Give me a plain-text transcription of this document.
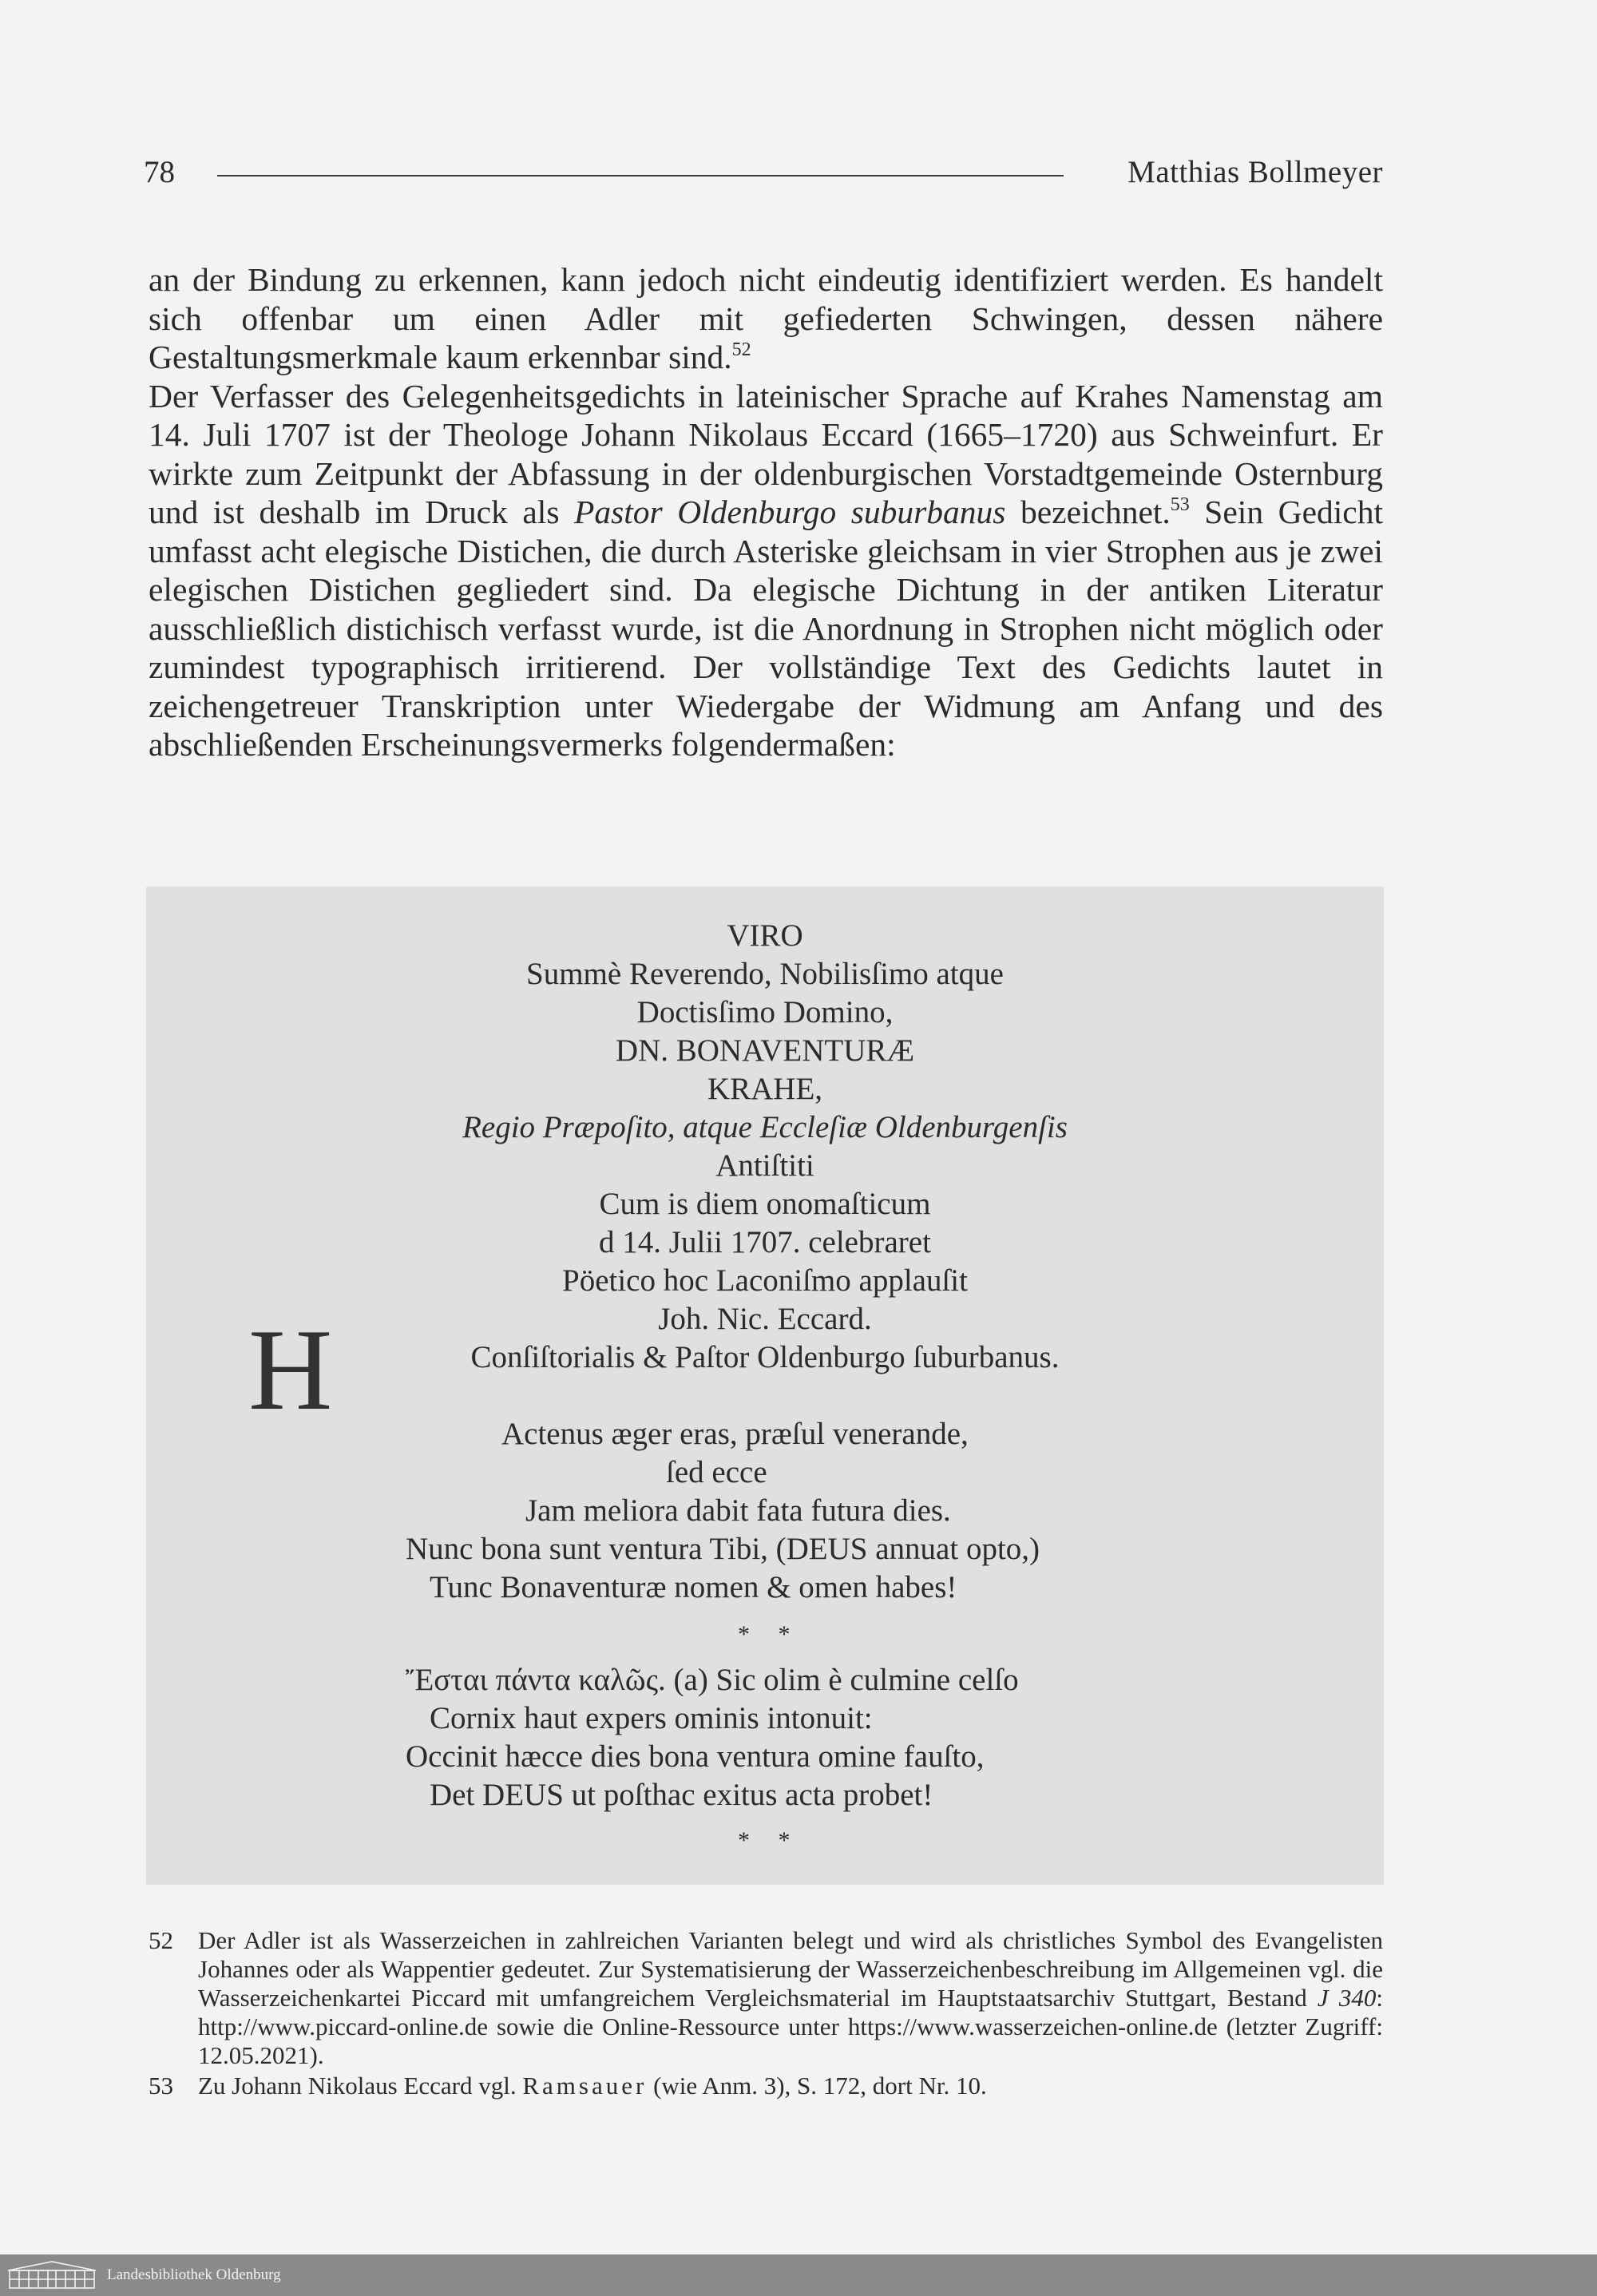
78	Matthias Bollmeyer

an der Bindung zu erkennen, kann jedoch nicht eindeutig identifiziert werden. Es handelt sich offenbar um einen Adler mit gefiederten Schwingen, dessen nähere Gestaltungsmerkmale kaum erkennbar sind.$^{52}$

Der Verfasser des Gelegenheitsgedichts in lateinischer Sprache auf Krahes Namenstag am 14. Juli 1707 ist der Theologe Johann Nikolaus Eccard (1665–1720) aus Schweinfurt. Er wirkte zum Zeitpunkt der Abfassung in der oldenburgischen Vorstadtgemeinde Osternburg und ist deshalb im Druck als Pastor Oldenburgo suburbanus bezeichnet.$^{53}$ Sein Gedicht umfasst acht elegische Distichen, die durch Asteriske gleichsam in vier Strophen aus je zwei elegischen Distichen gegliedert sind. Da elegische Dichtung in der antiken Literatur ausschließlich distichisch verfasst wurde, ist die Anordnung in Strophen nicht möglich oder zumindest typographisch irritierend. Der vollständige Text des Gedichts lautet in zeichengetreuer Transkription unter Wiedergabe der Widmung am Anfang und des abschließenden Erscheinungsvermerks folgendermaßen:

VIRO
Summè Reverendo, Nobilisſimo atque
Doctisſimo Domino,
DN. BONAVENTURÆ
KRAHE,
Regio Præpoſito, atque Eccleſiæ Oldenburgenſis
Antiſtiti
Cum is diem onomaſticum
d 14. Julii 1707. celebraret
Pöetico hoc Laconiſmo applauſit
Joh. Nic. Eccard.
Conſiſtorialis & Paſtor Oldenburgo ſuburbanus.
H	Actenus æger eras, præſul venerande,
ſed ecce
Jam meliora dabit fata futura dies.
Nunc bona sunt ventura Tibi, (DEUS annuat opto,)
Tunc Bonaventuræ nomen & omen habes!
* *
Ἔσται πάντα καλῶς. (a) Sic olim è culmine celſo
Cornix haut expers ominis intonuit:
Occinit hæcce dies bona ventura omine fauſto,
Det DEUS ut poſthac exitus acta probet!
* *
52 Der Adler ist als Wasserzeichen in zahlreichen Varianten belegt und wird als christliches Symbol des Evangelisten Johannes oder als Wappentier gedeutet. Zur Systematisierung der Wasserzeichenbeschreibung im Allgemeinen vgl. die Wasserzeichenkartei Piccard mit umfangreichem Vergleichsmaterial im Hauptstaatsarchiv Stuttgart, Bestand J 340: http://www.piccard-online.de sowie die Online-Ressource unter https://www.wasserzeichen-online.de (letzter Zugriff: 12.05.2021).
53 Zu Johann Nikolaus Eccard vgl. Ramsauer (wie Anm. 3), S. 172, dort Nr. 10.
Landesbibliothek Oldenburg
